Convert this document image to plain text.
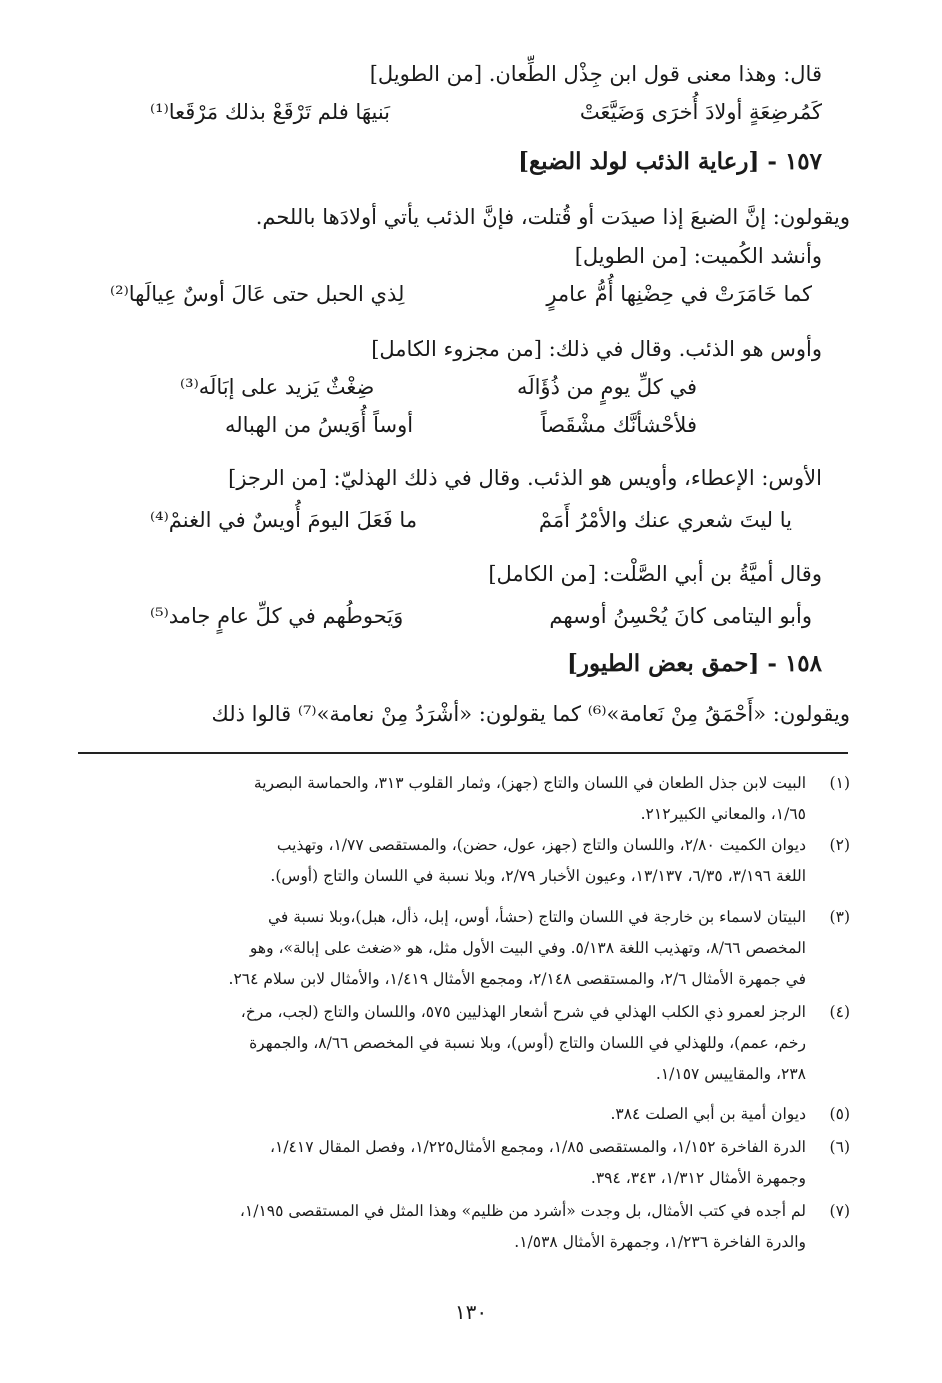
قال: وهذا معنى قول ابن جِذْل الطِّعان. [من الطويل]
كَمُرضِعَةٍ أولادَ أُخرَى وَضَيَّعَتْ
بَنيهَا فلم تَرْقَعْ بذلك مَرْقَعا⁽¹⁾
١٥٧ - [رعاية الذئب لولد الضبع]
ويقولون: إنَّ الضبعَ إذا صيدَت أو قُتلت، فإنَّ الذئب يأتي أولادَها باللحم.
وأنشد الكُميت: [من الطويل]
كما خَامَرَتْ في حِضْنِها أُمُّ عامرٍ
لِذي الحبل حتى عَالَ أوسٌ عِيالَها⁽²⁾
وأوس هو الذئب. وقال في ذلك: [من مجزوء الكامل]
في كلِّ يومٍ من ذُؤَالَه
ضِغْثٌ يَزيد على إبَالَه⁽³⁾
فلأحْشأنَّك مشْقَصاً
أوساً أُوَيسُ من الهباله
الأوس: الإعطاء، وأويس هو الذئب. وقال في ذلك الهذليّ: [من الرجز]
يا ليتَ شعري عنك والأمْرُ أَمَمْ
ما فَعَلَ اليومَ أُويسٌ في الغنمْ⁽⁴⁾
وقال أميَّةُ بن أبي الصَّلْت: [من الكامل]
وأبو اليتامى كانَ يُحْسِنُ أوسهم
وَيَحوطُهم في كلِّ عامٍ جامد⁽⁵⁾
١٥٨ - [حمق بعض الطيور]
ويقولون: «أَحْمَقُ مِنْ نَعامة»⁽⁶⁾ كما يقولون: «أشْرَدُ مِنْ نعامة»⁽⁷⁾ قالوا ذلك
(١)
البيت لابن جذل الطعان في اللسان والتاج (جهز)، وثمار القلوب ٣١٣، والحماسة البصرية
١/٦٥، والمعاني الكبير٢١٢.
(٢)
ديوان الكميت ٢/٨٠، واللسان والتاج (جهز، عول، حضن)، والمستقصى ١/٧٧، وتهذيب
اللغة ٣/١٩٦، ٦/٣٥، ١٣/١٣٧، وعيون الأخبار ٢/٧٩، وبلا نسبة في اللسان والتاج (أوس).
(٣)
البيتان لاسماء بن خارجة في اللسان والتاج (حشأ، أوس، إبل، ذأل، هبل)،وبلا نسبة في
المخصص ٨/٦٦، وتهذيب اللغة ٥/١٣٨. وفي البيت الأول مثل، هو «ضغث على إبالة»، وهو
في جمهرة الأمثال ٢/٦، والمستقصى ٢/١٤٨، ومجمع الأمثال ١/٤١٩، والأمثال لابن سلام ٢٦٤.
(٤)
الرجز لعمرو ذي الكلب الهذلي في شرح أشعار الهذليين ٥٧٥، واللسان والتاج (لجب، مرخ،
رخم، عمم)، وللهذلي في اللسان والتاج (أوس)، وبلا نسبة في المخصص ٨/٦٦، والجمهرة
٢٣٨، والمقاييس ١/١٥٧.
(٥)
ديوان أمية بن أبي الصلت ٣٨٤.
(٦)
الدرة الفاخرة ١/١٥٢، والمستقصى ١/٨٥، ومجمع الأمثال١/٢٢٥، وفصل المقال ١/٤١٧،
وجمهرة الأمثال ١/٣١٢، ٣٤٣، ٣٩٤.
(٧)
لم أجده في كتب الأمثال، بل وجدت «أشرد من ظليم» وهذا المثل في المستقصى ١/١٩٥،
والدرة الفاخرة ١/٢٣٦، وجمهرة الأمثال ١/٥٣٨.
١٣٠
